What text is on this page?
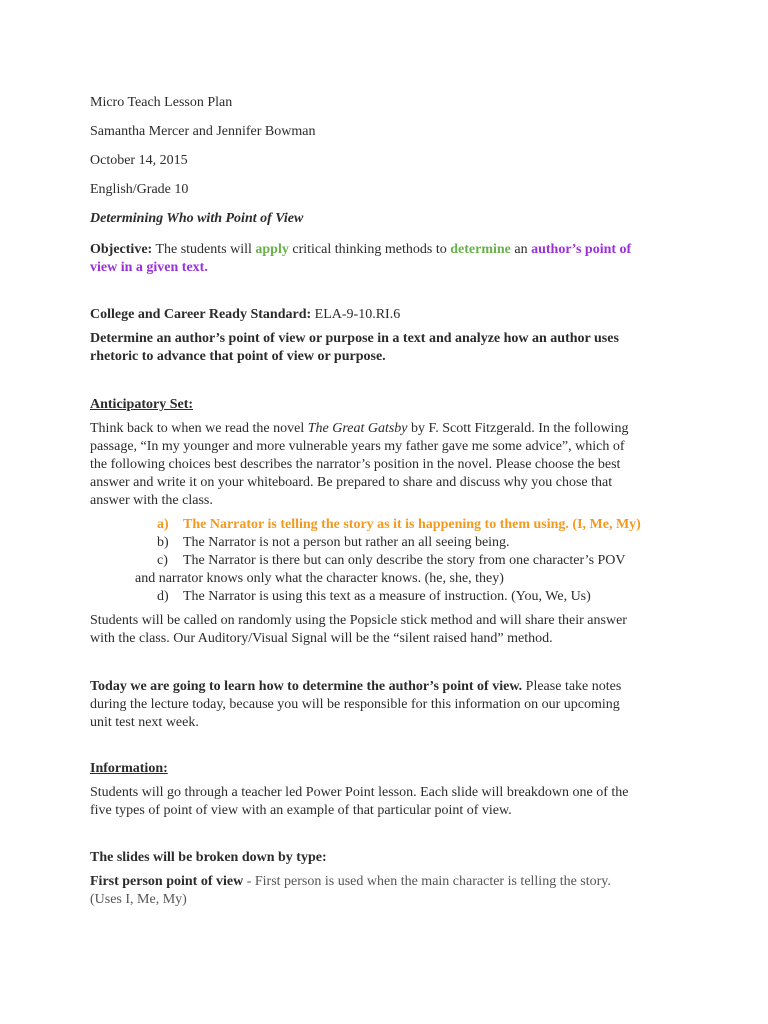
Micro Teach Lesson Plan
Samantha Mercer and Jennifer Bowman
October 14, 2015
English/Grade 10
Determining Who with Point of View
Objective: The students will apply critical thinking methods to determine an author’s point of
view in a given text.
College and Career Ready Standard: ELA-9-10.RI.6
Determine an author’s point of view or purpose in a text and analyze how an author uses
rhetoric to advance that point of view or purpose.
Anticipatory Set:
Think back to when we read the novel The Great Gatsby by F. Scott Fitzgerald. In the following
passage, “In my younger and more vulnerable years my father gave me some advice”, which of
the following choices best describes the narrator’s position in the novel. Please choose the best
answer and write it on your whiteboard. Be prepared to share and discuss why you chose that
answer with the class.
a) The Narrator is telling the story as it is happening to them using. (I, Me, My)
b) The Narrator is not a person but rather an all seeing being.
c) The Narrator is there but can only describe the story from one character’s POV
and narrator knows only what the character knows. (he, she, they)
d) The Narrator is using this text as a measure of instruction. (You, We, Us)
Students will be called on randomly using the Popsicle stick method and will share their answer
with the class. Our Auditory/Visual Signal will be the “silent raised hand” method.
Today we are going to learn how to determine the author’s point of view. Please take notes
during the lecture today, because you will be responsible for this information on our upcoming
unit test next week.
Information:
Students will go through a teacher led Power Point lesson. Each slide will breakdown one of the
five types of point of view with an example of that particular point of view.
The slides will be broken down by type:
First person point of view - First person is used when the main character is telling the story.
(Uses I, Me, My)
